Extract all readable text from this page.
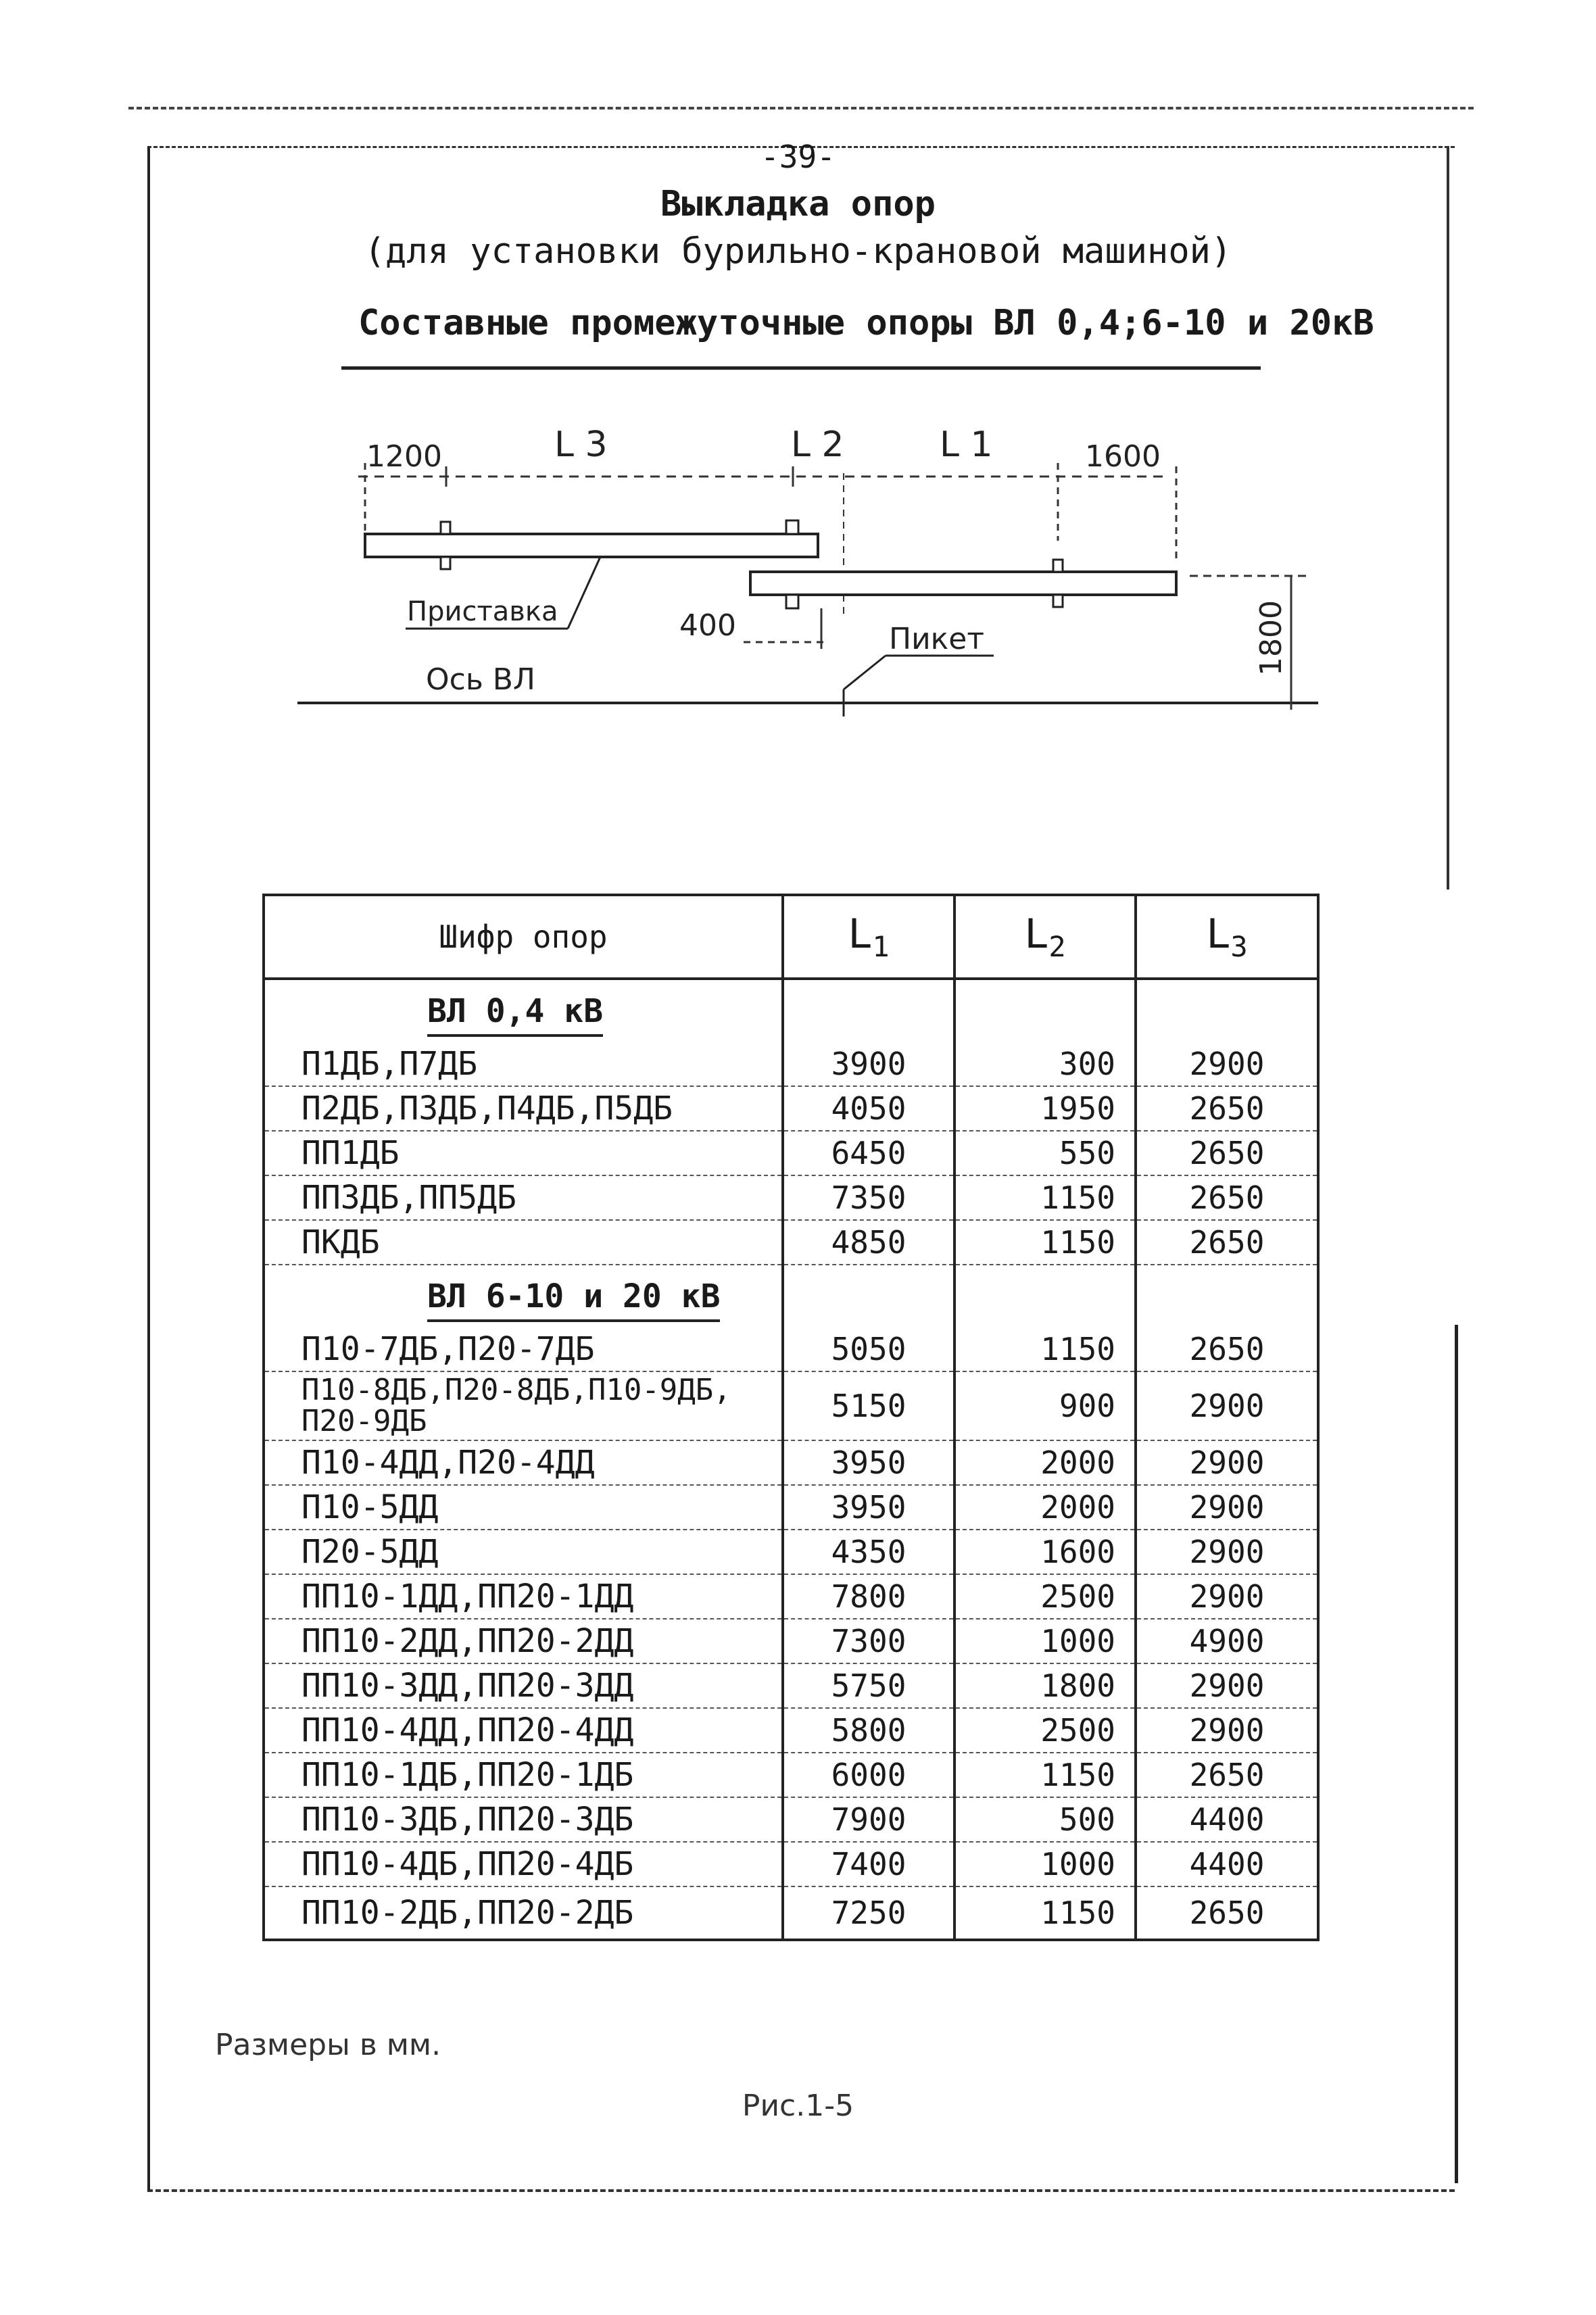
-39-
Выкладка опор
(для установки бурильно-крановой машиной)
Составные промежуточные опоры ВЛ 0,4;6-10 и 20кВ
1200	L 3	L 2	L 1	1600
Приставка	400	Пикет
Ось ВЛ
1800
Шифр опор	$L_1$	$L_2$	$L_3$
ВЛ 0,4 кВ			
П1ДБ,П7ДБ	3900	300	2900
П2ДБ,П3ДБ,П4ДБ,П5ДБ	4050	1950	2650
ПП1ДБ	6450	550	2650
ПП3ДБ,ПП5ДБ	7350	1150	2650
ПКДБ	4850	1150	2650
ВЛ 6-10 и 20 кВ			
П10-7ДБ,П20-7ДБ	5050	1150	2650
П10-8ДБ,П20-8ДБ,П10-9ДБ, П20-9ДБ	5150	900	2900
П10-4ДД,П20-4ДД	3950	2000	2900
П10-5ДД	3950	2000	2900
П20-5ДД	4350	1600	2900
ПП10-1ДД,ПП20-1ДД	7800	2500	2900
ПП10-2ДД,ПП20-2ДД	7300	1000	4900
ПП10-3ДД,ПП20-3ДД	5750	1800	2900
ПП10-4ДД,ПП20-4ДД	5800	2500	2900
ПП10-1ДБ,ПП20-1ДБ	6000	1150	2650
ПП10-3ДБ,ПП20-3ДБ	7900	500	4400
ПП10-4ДБ,ПП20-4ДБ	7400	1000	4400
ПП10-2ДБ,ПП20-2ДБ	7250	1150	2650
Размеры в мм.
Рис.1-5
